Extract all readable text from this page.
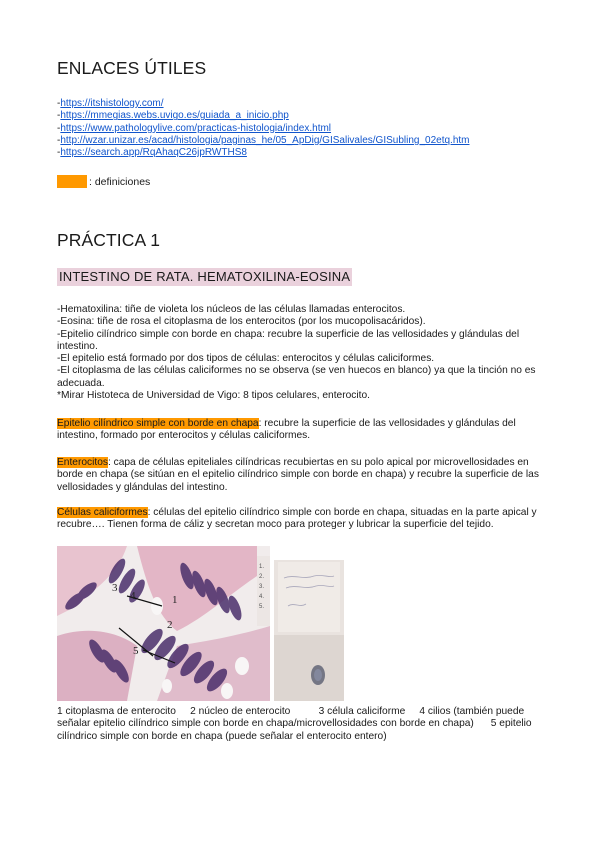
ENLACES ÚTILES
-https://itshistology.com/
-https://mmegias.webs.uvigo.es/guiada_a_inicio.php
-https://www.pathologylive.com/practicas-histologia/index.html
-http://wzar.unizar.es/acad/histologia/paginas_he/05_ApDig/GISalivales/GISubling_02etq.htm
-https://search.app/RqAhaqC26jpRWTHS8
: definiciones
PRÁCTICA 1
INTESTINO DE RATA. HEMATOXILINA-EOSINA
-Hematoxilina: tiñe de violeta los núcleos de las células llamadas enterocitos.
-Eosina: tiñe de rosa el citoplasma de los enterocitos (por los mucopolisacáridos).
-Epitelio cilíndrico simple con borde en chapa: recubre la superficie de las vellosidades y glándulas del intestino.
-El epitelio está formado por dos tipos de células: enterocitos y células caliciformes.
-El citoplasma de las células caliciformes no se observa (se ven huecos en blanco) ya que la tinción no es adecuada.
*Mirar Histoteca de Universidad de Vigo: 8 tipos celulares, enterocito.
Epitelio cilíndrico simple con borde en chapa: recubre la superficie de las vellosidades y glándulas del intestino, formado por enterocitos y células caliciformes.
Enterocitos: capa de células epiteliales cilíndricas recubiertas en su polo apical por microvellosidades en borde en chapa (se sitúan en el epitelio cilíndrico simple con borde en chapa) y recubre la superficie de las vellosidades y glándulas del intestino.
Células caliciformes: células del epitelio cilíndrico simple con borde en chapa, situadas en la parte apical y recubre…. Tienen forma de cáliz y secretan moco para proteger y lubricar la superficie del tejido.
3
4	1
2
5
1.
2.
3.
4.
5.
1 citoplasma de enterocito     2 núcleo de enterocito          3 célula caliciforme     4 cilios (también puede señalar epitelio cilíndrico simple con borde en chapa/microvellosidades con borde en chapa)      5 epitelio cilíndrico simple con borde en chapa (puede señalar el enterocito entero)
